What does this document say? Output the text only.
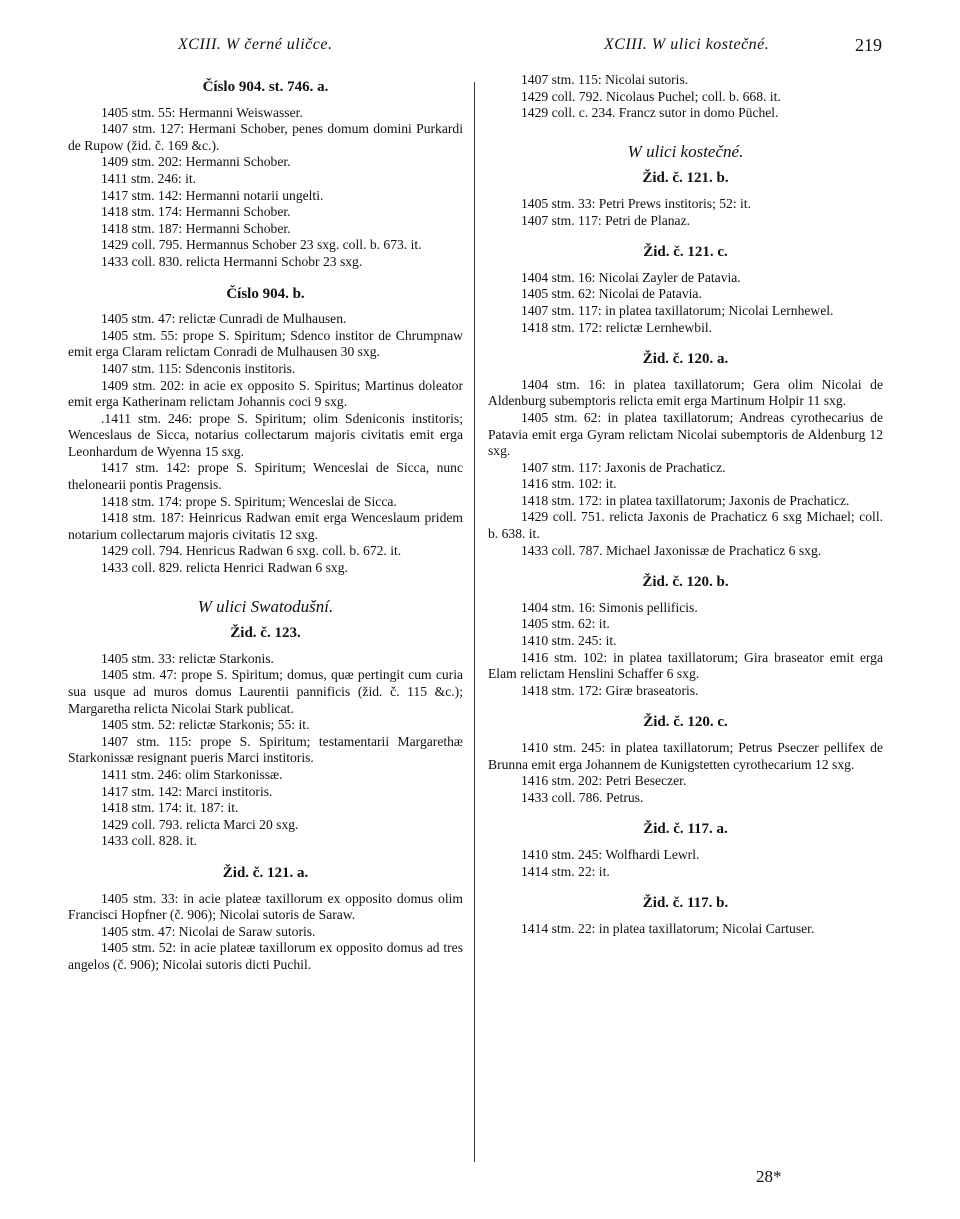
XCIII. W černé uličce.	XCIII. W ulici kostečné.	219
Číslo 904. st. 746. a.

1405 stm. 55: Hermanni Weiswasser.

1407 stm. 127: Hermani Schober, penes domum domini Purkardi de Rupow (žid. č. 169 &c.).

1409 stm. 202: Hermanni Schober.

1411 stm. 246: it.

1417 stm. 142: Hermanni notarii ungelti.

1418 stm. 174: Hermanni Schober.

1418 stm. 187: Hermanni Schober.

1429 coll. 795. Hermannus Schober 23 sxg. coll. b. 673. it.

1433 coll. 830. relicta Hermanni Schobr 23 sxg.

Číslo 904. b.

1405 stm. 47: relictæ Cunradi de Mulhausen.

1405 stm. 55: prope S. Spiritum; Sdenco institor de Chrumpnaw emit erga Claram relictam Conradi de Mulhausen 30 sxg.

1407 stm. 115: Sdenconis institoris.

1409 stm. 202: in acie ex opposito S. Spiritus; Martinus doleator emit erga Katherinam relictam Johannis coci 9 sxg.

.1411 stm. 246: prope S. Spiritum; olim Sdeniconis institoris; Wenceslaus de Sicca, notarius collectarum majoris civitatis emit erga Leonhardum de Wyenna 15 sxg.

1417 stm. 142: prope S. Spiritum; Wenceslai de Sicca, nunc thelonearii pontis Pragensis.

1418 stm. 174: prope S. Spiritum; Wenceslai de Sicca.

1418 stm. 187: Heinricus Radwan emit erga Wenceslaum pridem notarium collectarum majoris civitatis 12 sxg.

1429 coll. 794. Henricus Radwan 6 sxg. coll. b. 672. it.

1433 coll. 829. relicta Henrici Radwan 6 sxg.

W ulici Swatodušní.
Žid. č. 123.

1405 stm. 33: relictæ Starkonis.

1405 stm. 47: prope S. Spiritum; domus, quæ pertingit cum curia sua usque ad muros domus Laurentii pannificis (žid. č. 115 &c.); Margaretha relicta Nicolai Stark publicat.

1405 stm. 52: relictæ Starkonis; 55: it.

1407 stm. 115: prope S. Spiritum; testamentarii Margarethæ Starkonissæ resignant pueris Marci institoris.

1411 stm. 246: olim Starkonissæ.

1417 stm. 142: Marci institoris.

1418 stm. 174: it. 187: it.

1429 coll. 793. relicta Marci 20 sxg.

1433 coll. 828. it.

Žid. č. 121. a.

1405 stm. 33: in acie plateæ taxillorum ex opposito domus olim Francisci Hopfner (č. 906); Nicolai sutoris de Saraw.

1405 stm. 47: Nicolai de Saraw sutoris.

1405 stm. 52: in acie plateæ taxillorum ex opposito domus ad tres angelos (č. 906); Nicolai sutoris dicti Puchil.

1407 stm. 115: Nicolai sutoris.

1429 coll. 792. Nicolaus Puchel; coll. b. 668. it.

1429 coll. c. 234. Francz sutor in domo Püchel.

W ulici kostečné.
Žid. č. 121. b.

1405 stm. 33: Petri Prews institoris; 52: it.

1407 stm. 117: Petri de Planaz.

Žid. č. 121. c.

1404 stm. 16: Nicolai Zayler de Patavia.

1405 stm. 62: Nicolai de Patavia.

1407 stm. 117: in platea taxillatorum; Nicolai Lernhewel.

1418 stm. 172: relictæ Lernhewbil.

Žid. č. 120. a.

1404 stm. 16: in platea taxillatorum; Gera olim Nicolai de Aldenburg subemptoris relicta emit erga Martinum Holpir 11 sxg.

1405 stm. 62: in platea taxillatorum; Andreas cyrothecarius de Patavia emit erga Gyram relictam Nicolai subemptoris de Aldenburg 12 sxg.

1407 stm. 117: Jaxonis de Prachaticz.

1416 stm. 102: it.

1418 stm. 172: in platea taxillatorum; Jaxonis de Prachaticz.

1429 coll. 751. relicta Jaxonis de Prachaticz 6 sxg Michael; coll. b. 638. it.

1433 coll. 787. Michael Jaxonissæ de Prachaticz 6 sxg.

Žid. č. 120. b.

1404 stm. 16: Simonis pellificis.

1405 stm. 62: it.

1410 stm. 245: it.

1416 stm. 102: in platea taxillatorum; Gira braseator emit erga Elam relictam Henslini Schaffer 6 sxg.

1418 stm. 172: Giræ braseatoris.

Žid. č. 120. c.

1410 stm. 245: in platea taxillatorum; Petrus Psеczer pellifex de Brunna emit erga Johannem de Kunigstetten cyrothecarium 12 sxg.

1416 stm. 202: Petri Beseczer.

1433 coll. 786. Petrus.

Žid. č. 117. a.

1410 stm. 245: Wolfhardi Lewrl.

1414 stm. 22: it.

Žid. č. 117. b.

1414 stm. 22: in platea taxillatorum; Nicolai Cartuser.

28*
